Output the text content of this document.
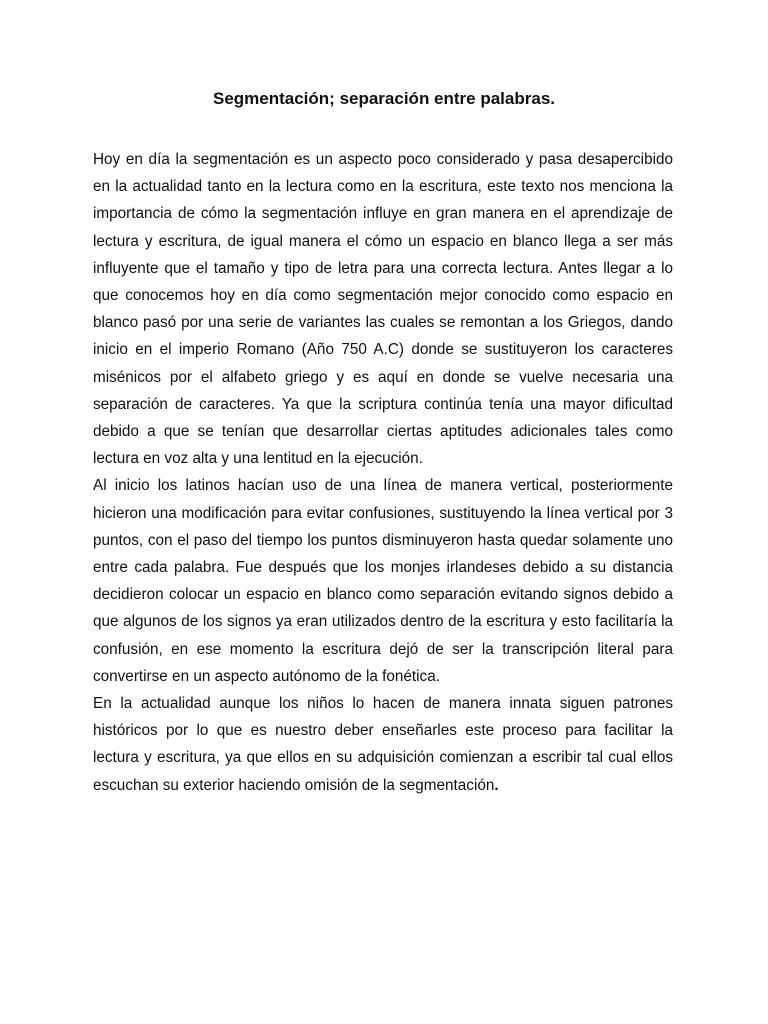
Segmentación; separación entre palabras.

Hoy en día la segmentación es un aspecto poco considerado y pasa desapercibido en la actualidad tanto en la lectura como en la escritura, este texto nos menciona la importancia de cómo la segmentación influye en gran manera en el aprendizaje de lectura y escritura, de igual manera el cómo un espacio en blanco llega a ser más influyente que el tamaño y tipo de letra para una correcta lectura. Antes llegar a lo que conocemos hoy en día como segmentación mejor conocido como espacio en blanco pasó por una serie de variantes las cuales se remontan a los Griegos, dando inicio en el imperio Romano (Año 750 A.C) donde se sustituyeron los caracteres misénicos por el alfabeto griego y es aquí en donde se vuelve necesaria una separación de caracteres. Ya que la scriptura continúa tenía una mayor dificultad debido a que se tenían que desarrollar ciertas aptitudes adicionales tales como lectura en voz alta y una lentitud en la ejecución.

Al inicio los latinos hacían uso de una línea de manera vertical, posteriormente hicieron una modificación para evitar confusiones, sustituyendo la línea vertical por 3 puntos, con el paso del tiempo los puntos disminuyeron hasta quedar solamente uno entre cada palabra. Fue después que los monjes irlandeses debido a su distancia decidieron colocar un espacio en blanco como separación evitando signos debido a que algunos de los signos ya eran utilizados dentro de la escritura y esto facilitaría la confusión, en ese momento la escritura dejó de ser la transcripción literal para convertirse en un aspecto autónomo de la fonética.

En la actualidad aunque los niños lo hacen de manera innata siguen patrones históricos por lo que es nuestro deber enseñarles este proceso para facilitar la lectura y escritura, ya que ellos en su adquisición comienzan a escribir tal cual ellos escuchan su exterior haciendo omisión de la segmentación.
